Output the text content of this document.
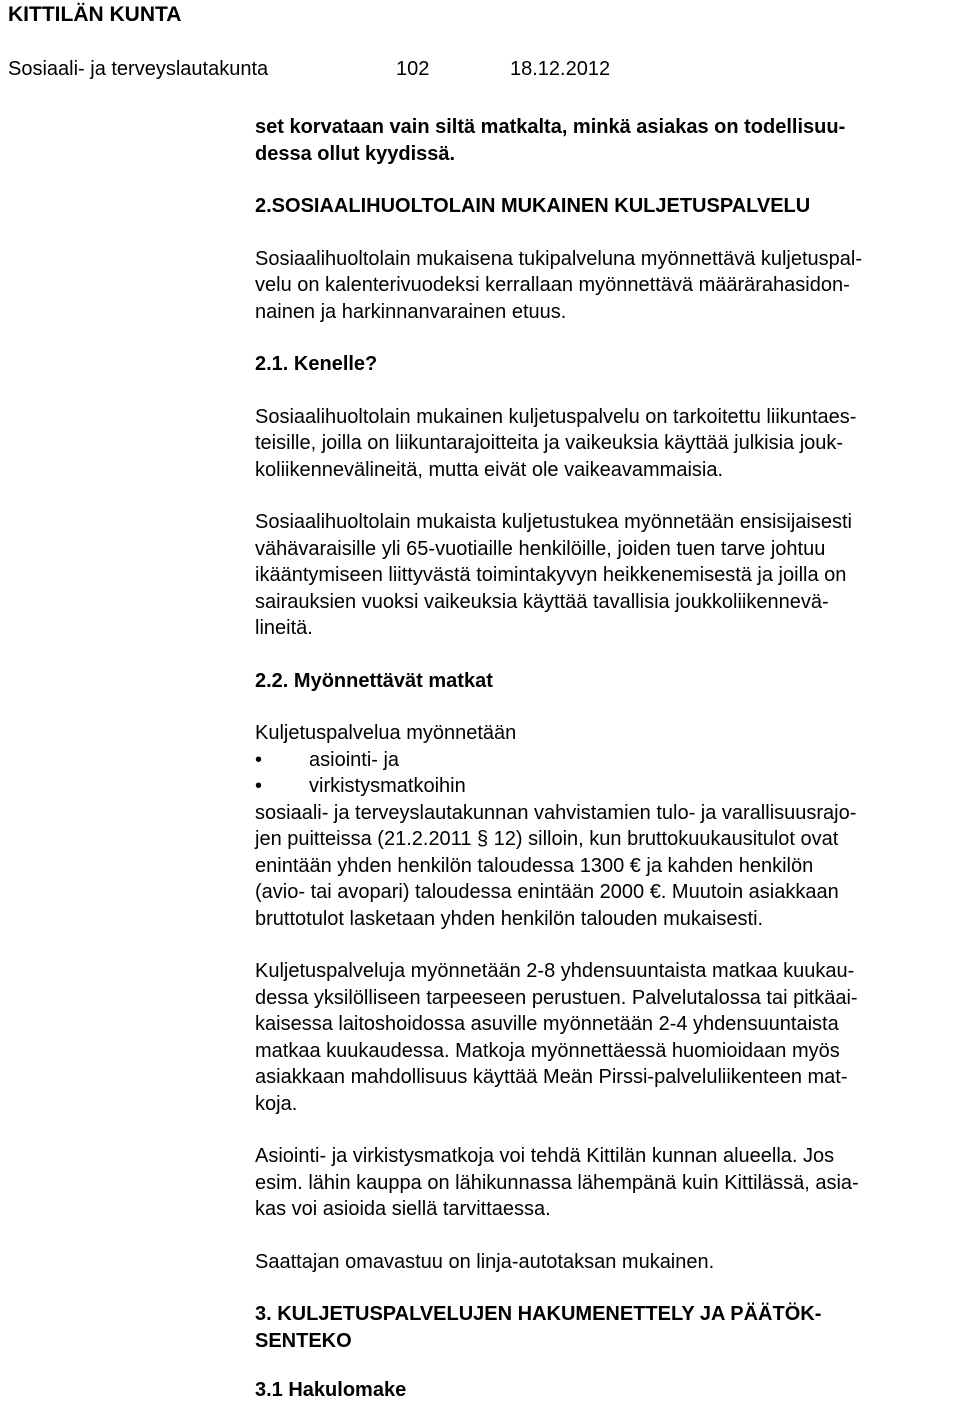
KITTILÄN KUNTA
Sosiaali- ja terveyslautakunta	102	18.12.2012

set korvataan vain siltä matkalta, minkä asiakas on todellisuu-

dessa ollut kyydissä.

2.SOSIAALIHUOLTOLAIN MUKAINEN KULJETUSPALVELU

Sosiaalihuoltolain mukaisena tukipalveluna myönnettävä kuljetuspal-

velu on kalenterivuodeksi kerrallaan myönnettävä määrärahasidon-

nainen ja harkinnanvarainen etuus.

2.1. Kenelle?

Sosiaalihuoltolain mukainen kuljetuspalvelu on tarkoitettu liikuntaes-

teisille, joilla on liikuntarajoitteita ja vaikeuksia käyttää julkisia jouk-

koliikennevälineitä, mutta eivät ole vaikeavammaisia.

Sosiaalihuoltolain mukaista kuljetustukea myönnetään ensisijaisesti

vähävaraisille yli 65-vuotiaille henkilöille, joiden tuen tarve johtuu

ikääntymiseen liittyvästä toimintakyvyn heikkenemisestä ja joilla on

sairauksien vuoksi vaikeuksia käyttää tavallisia joukkoliikennevä-

lineitä.

2.2. Myönnettävät matkat

Kuljetuspalvelua myönnetään

•	asiointi- ja
•	virkistysmatkoihin

sosiaali- ja terveyslautakunnan vahvistamien tulo- ja varallisuusrajo-

jen puitteissa (21.2.2011 § 12) silloin, kun bruttokuukausitulot ovat

enintään yhden henkilön taloudessa 1300 € ja kahden henkilön

(avio- tai avopari) taloudessa enintään 2000 €. Muutoin asiakkaan

bruttotulot lasketaan yhden henkilön talouden mukaisesti.

Kuljetuspalveluja myönnetään 2-8 yhdensuuntaista matkaa kuukau-

dessa yksilölliseen tarpeeseen perustuen. Palvelutalossa tai pitkäai-

kaisessa laitoshoidossa asuville myönnetään 2-4 yhdensuuntaista

matkaa kuukaudessa. Matkoja myönnettäessä huomioidaan myös

asiakkaan mahdollisuus käyttää Meän Pirssi-palveluliikenteen mat-

koja.

Asiointi- ja virkistysmatkoja voi tehdä Kittilän kunnan alueella. Jos

esim. lähin kauppa on lähikunnassa lähempänä kuin Kittilässä, asia-

kas voi asioida siellä tarvittaessa.

Saattajan omavastuu on linja-autotaksan mukainen.

3. KULJETUSPALVELUJEN HAKUMENETTELY JA PÄÄTÖK-

SENTEKO

3.1 Hakulomake
